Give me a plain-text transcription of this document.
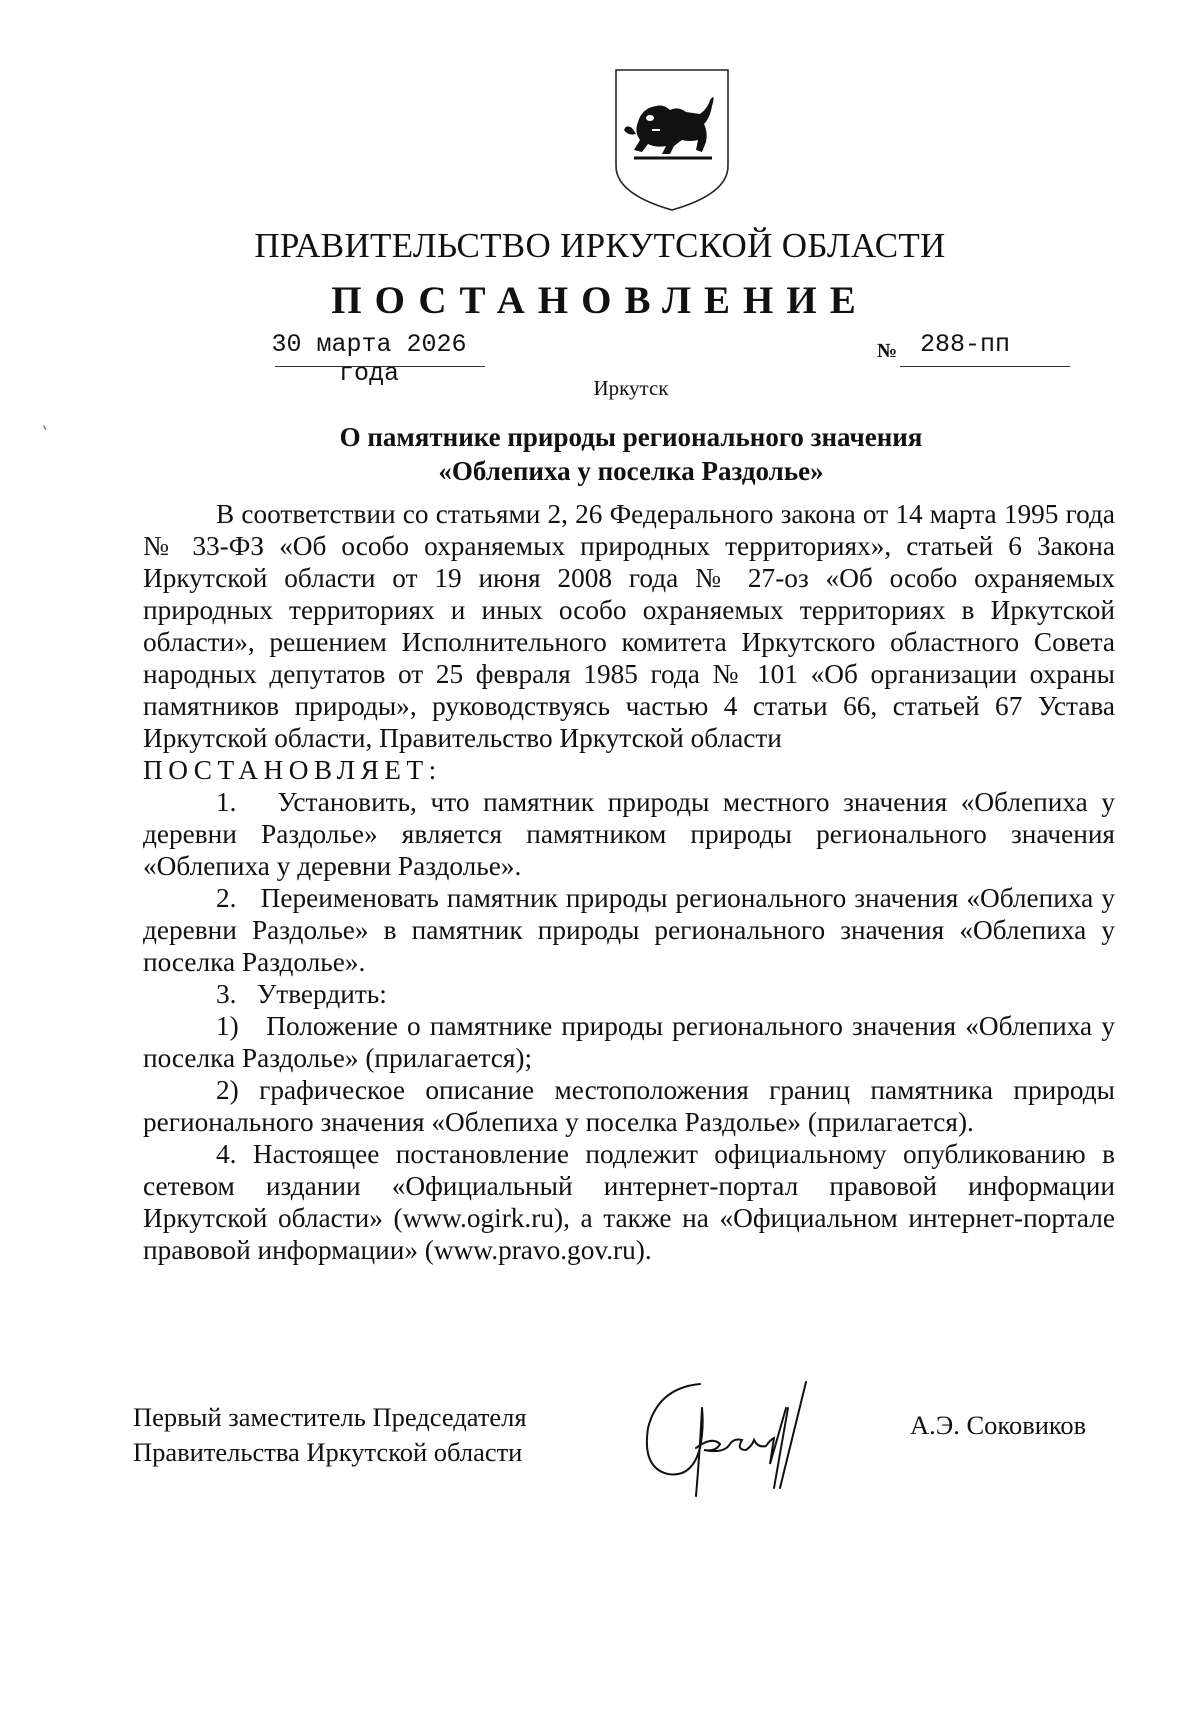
ПРАВИТЕЛЬСТВО ИРКУТСКОЙ ОБЛАСТИ
ПОСТАНОВЛЕНИЕ
30 марта 2026 года
№ 288-пп
Иркутск
О памятнике природы регионального значения
«Облепиха у поселка Раздолье»

В соответствии со статьями 2, 26 Федерального закона от 14 марта 1995 года № 33-ФЗ «Об особо охраняемых природных территориях», статьей 6 Закона Иркутской области от 19 июня 2008 года № 27-оз «Об особо охраняемых природных территориях и иных особо охраняемых территориях в Иркутской области», решением Исполнительного комитета Иркутского областного Совета народных депутатов от 25 февраля 1985 года № 101 «Об организации охраны памятников природы», руководствуясь частью 4 статьи 66, статьей 67 Устава Иркутской области, Правительство Иркутской области

ПОСТАНОВЛЯЕТ:

1.   Установить, что памятник природы местного значения «Облепиха у деревни Раздолье» является памятником природы регионального значения «Облепиха у деревни Раздолье».

2.   Переименовать памятник природы регионального значения «Облепиха у деревни Раздолье» в памятник природы регионального значения «Облепиха у поселка Раздолье».

3.   Утвердить:

1)   Положение о памятнике природы регионального значения «Облепиха у поселка Раздолье» (прилагается);

2) графическое описание местоположения границ памятника природы регионального значения «Облепиха у поселка Раздолье» (прилагается).

4. Настоящее постановление подлежит официальному опубликованию в сетевом издании «Официальный интернет-портал правовой информации Иркутской области» (www.ogirk.ru), а также на «Официальном интернет-портале правовой информации» (www.pravo.gov.ru).

Первый заместитель Председателя
Правительства Иркутской области
А.Э. Соковиков
